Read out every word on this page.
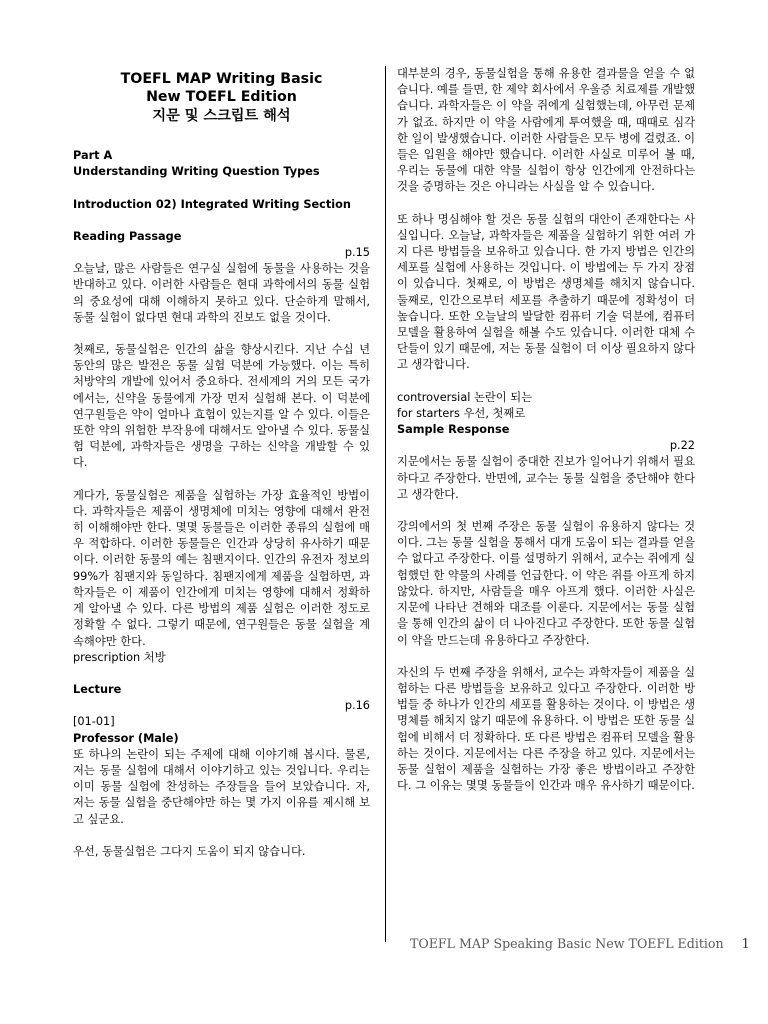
TOEFL MAP Writing Basic
New TOEFL Edition
지문 및 스크립트 해석

Part A

Understanding Writing Question Types

Introduction 02) Integrated Writing Section

Reading Passage

p.15

오늘날, 많은 사람들은 연구실 실험에 동물을 사용하는 것을 반대하고 있다. 이러한 사람들은 현대 과학에서의 동물 실험의 중요성에 대해 이해하지 못하고 있다. 단순하게 말해서, 동물 실험이 없다면 현대 과학의 진보도 없을 것이다.

첫째로, 동물실험은 인간의 삶을 향상시킨다. 지난 수십 년 동안의 많은 발전은 동물 실험 덕분에 가능했다. 이는 특히 처방약의 개발에 있어서 중요하다. 전세계의 거의 모든 국가에서는, 신약을 동물에게 가장 먼저 실험해 본다. 이 덕분에 연구원들은 약이 얼마나 효험이 있는지를 알 수 있다. 이들은 또한 약의 위험한 부작용에 대해서도 알아낼 수 있다. 동물실험 덕분에, 과학자들은 생명을 구하는 신약을 개발할 수 있다.

게다가, 동물실험은 제품을 실험하는 가장 효율적인 방법이다. 과학자들은 제품이 생명체에 미치는 영향에 대해서 완전히 이해해야만 한다. 몇몇 동물들은 이러한 종류의 실험에 매우 적합하다. 이러한 동물들은 인간과 상당히 유사하기 때문이다. 이러한 동물의 예는 침팬지이다. 인간의 유전자 정보의 99%가 침팬지와 동일하다. 침팬지에게 제품을 실험하면, 과학자들은 이 제품이 인간에게 미치는 영향에 대해서 정확하게 알아낼 수 있다. 다른 방법의 제품 실험은 이러한 정도로 정확할 수 없다. 그렇기 때문에, 연구원들은 동물 실험을 계속해야만 한다.

prescription 처방

Lecture

p.16

[01-01]

Professor (Male)

또 하나의 논란이 되는 주제에 대해 이야기해 봅시다. 물론, 저는 동물 실험에 대해서 이야기하고 있는 것입니다. 우리는 이미 동물 실험에 찬성하는 주장들을 들어 보았습니다. 자, 저는 동물 실험을 중단해야만 하는 몇 가지 이유를 제시해 보고 싶군요.

우선, 동물실험은 그다지 도움이 되지 않습니다.

대부분의 경우, 동물실험을 통해 유용한 결과물을 얻을 수 없습니다. 예를 들면, 한 제약 회사에서 우울증 치료제를 개발했습니다. 과학자들은 이 약을 쥐에게 실험했는데, 아무런 문제가 없죠. 하지만 이 약을 사람에게 투여했을 때, 때때로 심각한 일이 발생했습니다. 이러한 사람들은 모두 병에 걸렸죠. 이들은 입원을 해야만 했습니다. 이러한 사실로 미루어 볼 때, 우리는 동물에 대한 약물 실험이 항상 인간에게 안전하다는 것을 증명하는 것은 아니라는 사실을 알 수 있습니다.

또 하나 명심해야 할 것은 동물 실험의 대안이 존재한다는 사실입니다. 오늘날, 과학자들은 제품을 실험하기 위한 여러 가지 다른 방법들을 보유하고 있습니다. 한 가지 방법은 인간의 세포를 실험에 사용하는 것입니다. 이 방법에는 두 가지 장점이 있습니다. 첫째로, 이 방법은 생명체를 해치지 않습니다. 둘째로, 인간으로부터 세포를 추출하기 때문에 정확성이 더 높습니다. 또한 오늘날의 발달한 컴퓨터 기술 덕분에, 컴퓨터 모델을 활용하여 실험을 해볼 수도 있습니다. 이러한 대체 수단들이 있기 때문에, 저는 동물 실험이 더 이상 필요하지 않다고 생각합니다.

controversial 논란이 되는

for starters 우선, 첫째로

Sample Response

p.22

지문에서는 동물 실험이 중대한 진보가 일어나기 위해서 필요하다고 주장한다. 반면에, 교수는 동물 실험을 중단해야 한다고 생각한다.

강의에서의 첫 번째 주장은 동물 실험이 유용하지 않다는 것이다. 그는 동물 실험을 통해서 대개 도움이 되는 결과를 얻을 수 없다고 주장한다. 이를 설명하기 위해서, 교수는 쥐에게 실험했던 한 약물의 사례를 언급한다. 이 약은 쥐를 아프게 하지 않았다. 하지만, 사람들을 매우 아프게 했다. 이러한 사실은 지문에 나타난 견해와 대조를 이룬다. 지문에서는 동물 실험을 통해 인간의 삶이 더 나아진다고 주장한다. 또한 동물 실험이 약을 만드는데 유용하다고 주장한다.

자신의 두 번째 주장을 위해서, 교수는 과학자들이 제품을 실험하는 다른 방법들을 보유하고 있다고 주장한다. 이러한 방법들 중 하나가 인간의 세포를 활용하는 것이다. 이 방법은 생명체를 해치지 않기 때문에 유용하다. 이 방법은 또한 동물 실험에 비해서 더 정확하다. 또 다른 방법은 컴퓨터 모델을 활용하는 것이다. 지문에서는 다른 주장을 하고 있다. 지문에서는 동물 실험이 제품을 실험하는 가장 좋은 방법이라고 주장한다. 그 이유는 몇몇 동물들이 인간과 매우 유사하기 때문이다.

TOEFL MAP Speaking Basic New TOEFL Edition 1
